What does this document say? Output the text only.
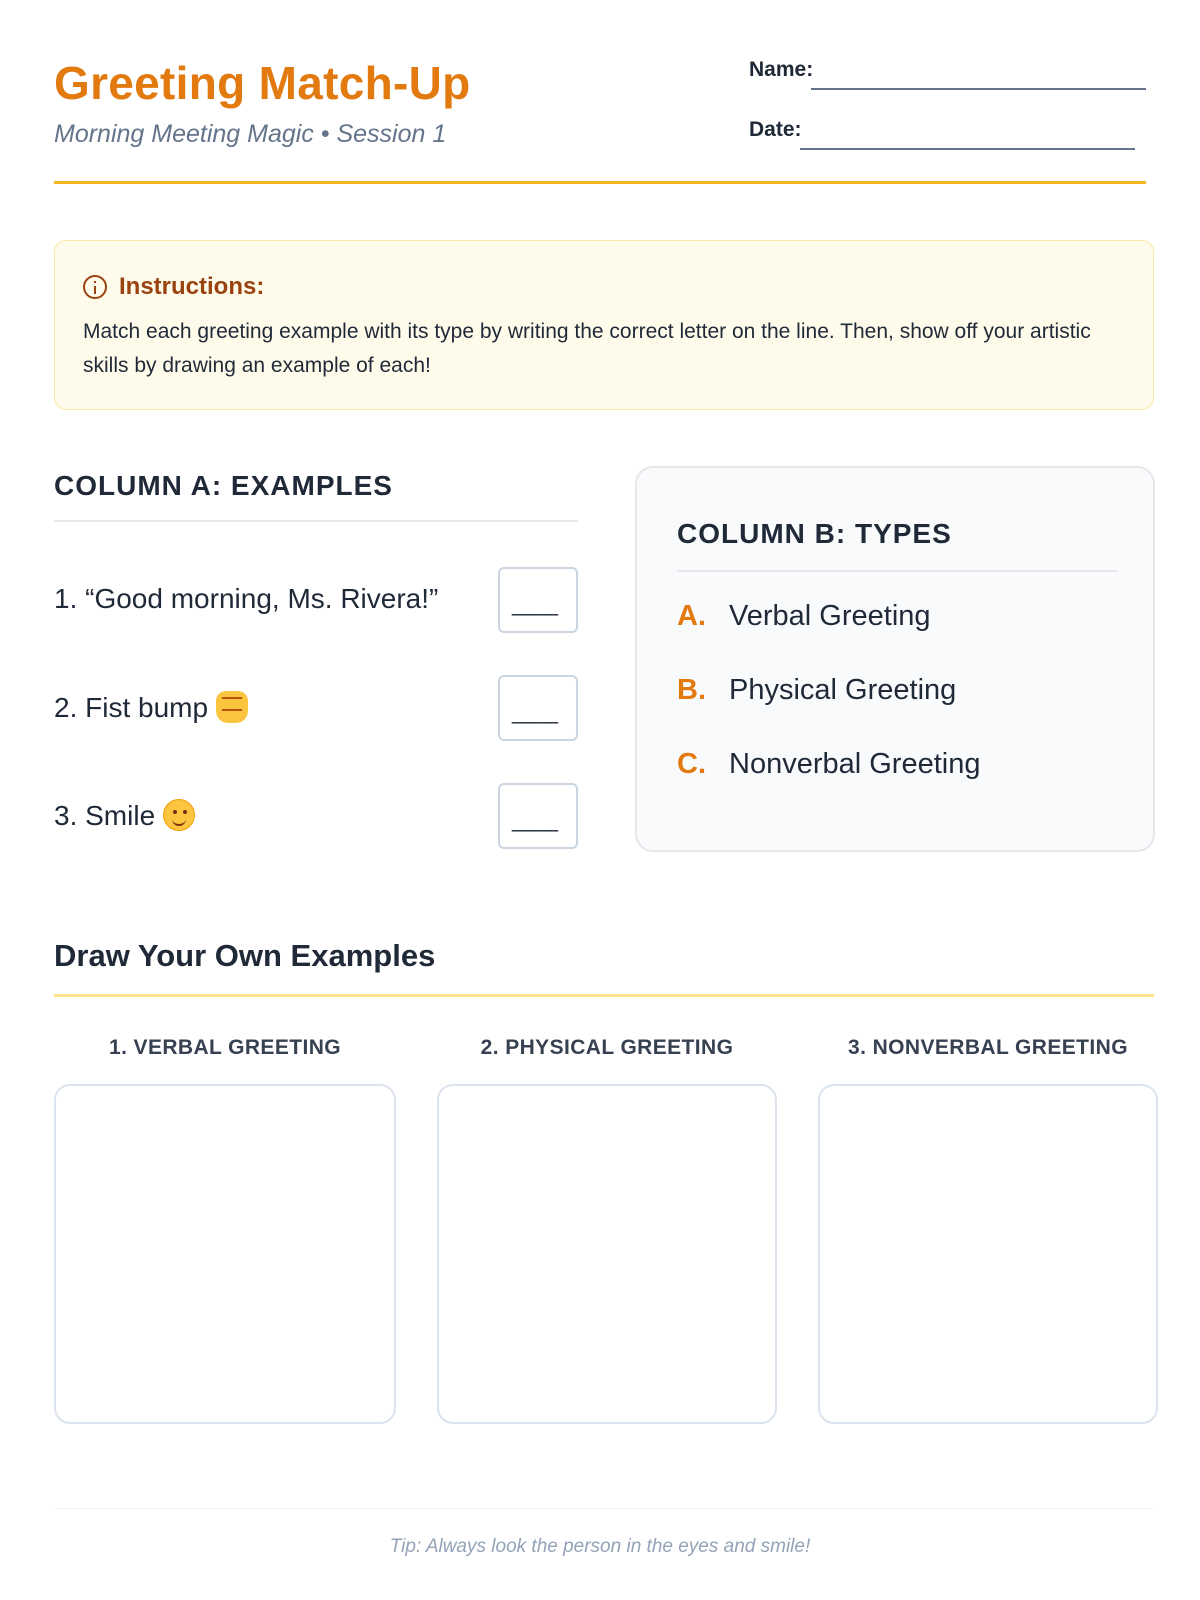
Greeting Match-Up
Morning Meeting Magic • Session 1
Name:
Date:
Instructions:
Match each greeting example with its type by writing the correct letter on the line. Then, show off your artistic skills by drawing an example of each!
COLUMN A: EXAMPLES
1. “Good morning, Ms. Rivera!”	____
2. Fist bump	____
3. Smile	____
COLUMN B: TYPES
A. Verbal Greeting
B. Physical Greeting
C. Nonverbal Greeting
Draw Your Own Examples
1. VERBAL GREETING	2. PHYSICAL GREETING	3. NONVERBAL GREETING
Tip: Always look the person in the eyes and smile!
